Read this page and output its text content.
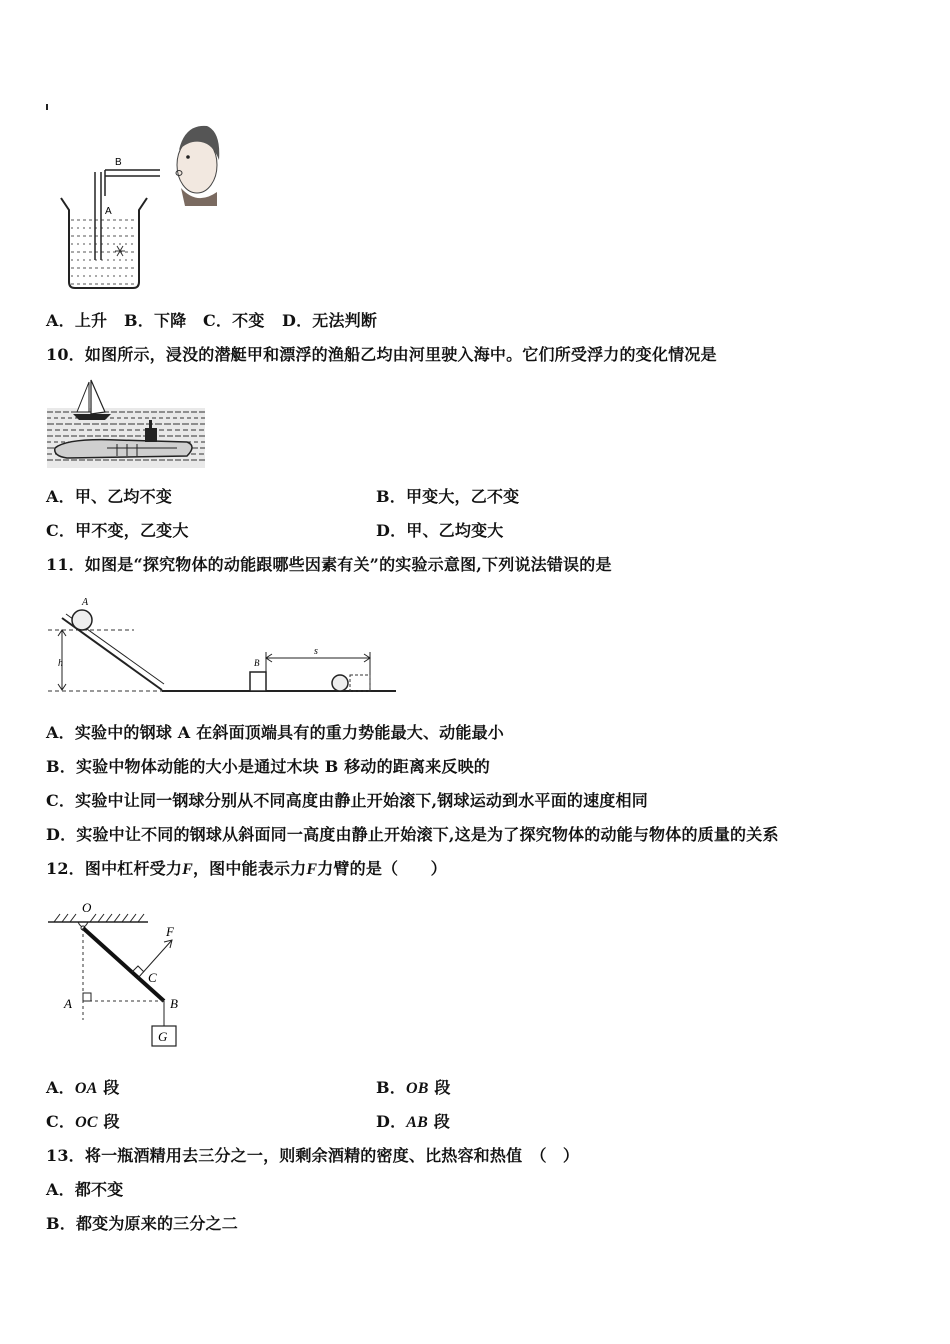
B
A
A．上升 B．下降 C．不变 D．无法判断
10．如图所示，浸没的潜艇甲和漂浮的渔船乙均由河里驶入海中。它们所受浮力的变化情况是
A．甲、乙均不变	B．甲变大，乙不变
C．甲不变，乙变大	D．甲、乙均变大
11．如图是“探究物体的动能跟哪些因素有关”的实验示意图,下列说法错误的是
A
h	B
s
A．实验中的钢球 A 在斜面顶端具有的重力势能最大、动能最小
B．实验中物体动能的大小是通过木块 B 移动的距离来反映的
C．实验中让同一钢球分别从不同高度由静止开始滚下,钢球运动到水平面的速度相同
D．实验中让不同的钢球从斜面同一高度由静止开始滚下,这是为了探究物体的动能与物体的质量的关系
12．图中杠杆受力F，图中能表示力F力臂的是（　　）
O
A	B
F
C
G
A．OA 段	B．OB 段
C．OC 段	D．AB 段
13．将一瓶酒精用去三分之一，则剩余酒精的密度、比热容和热值　（　）
A．都不变
B．都变为原来的三分之二
